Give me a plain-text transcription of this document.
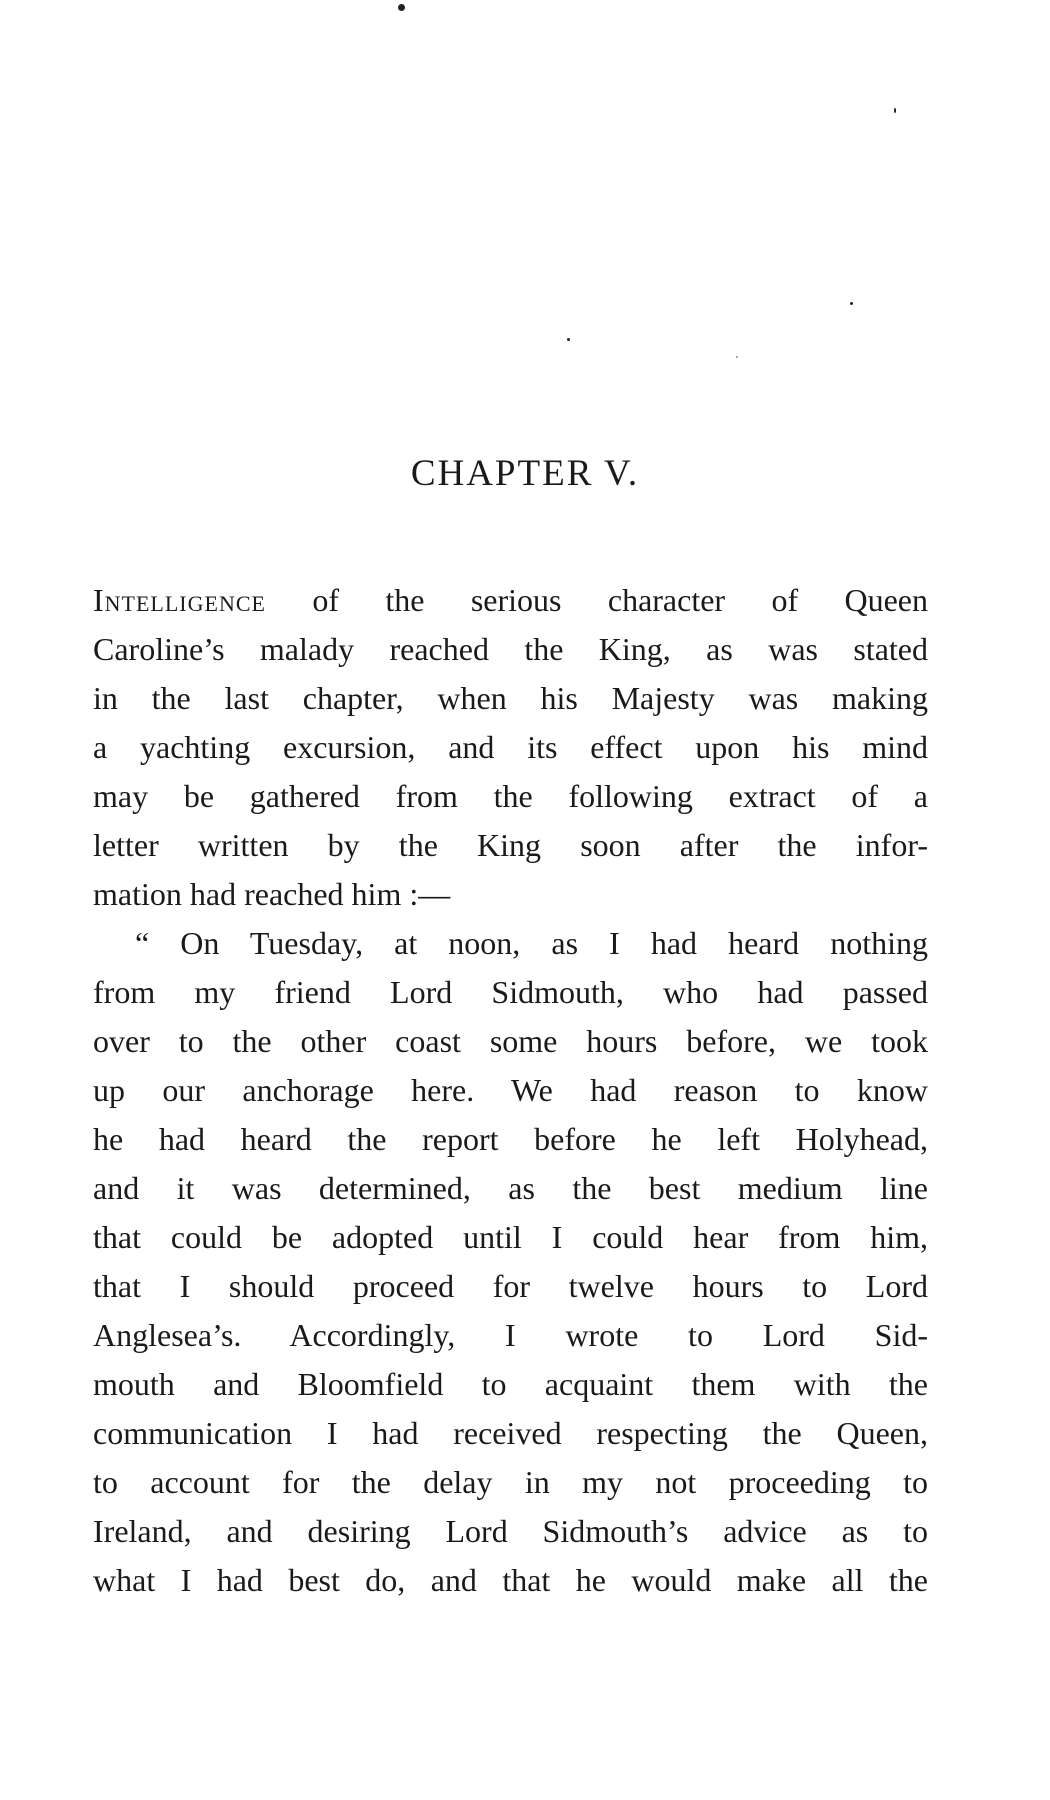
CHAPTER V.
Intelligence of the serious character of Queen
Caroline’s malady reached the King, as was stated
in the last chapter, when his Majesty was making
a yachting excursion, and its effect upon his mind
may be gathered from the following extract of a
letter written by the King soon after the infor-
mation had reached him :—
“ On Tuesday, at noon, as I had heard nothing
from my friend Lord Sidmouth, who had passed
over to the other coast some hours before, we took
up our anchorage here. We had reason to know
he had heard the report before he left Holyhead,
and it was determined, as the best medium line
that could be adopted until I could hear from him,
that I should proceed for twelve hours to Lord
Anglesea’s. Accordingly, I wrote to Lord Sid-
mouth and Bloomfield to acquaint them with the
communication I had received respecting the Queen,
to account for the delay in my not proceeding to
Ireland, and desiring Lord Sidmouth’s advice as to
what I had best do, and that he would make all the
